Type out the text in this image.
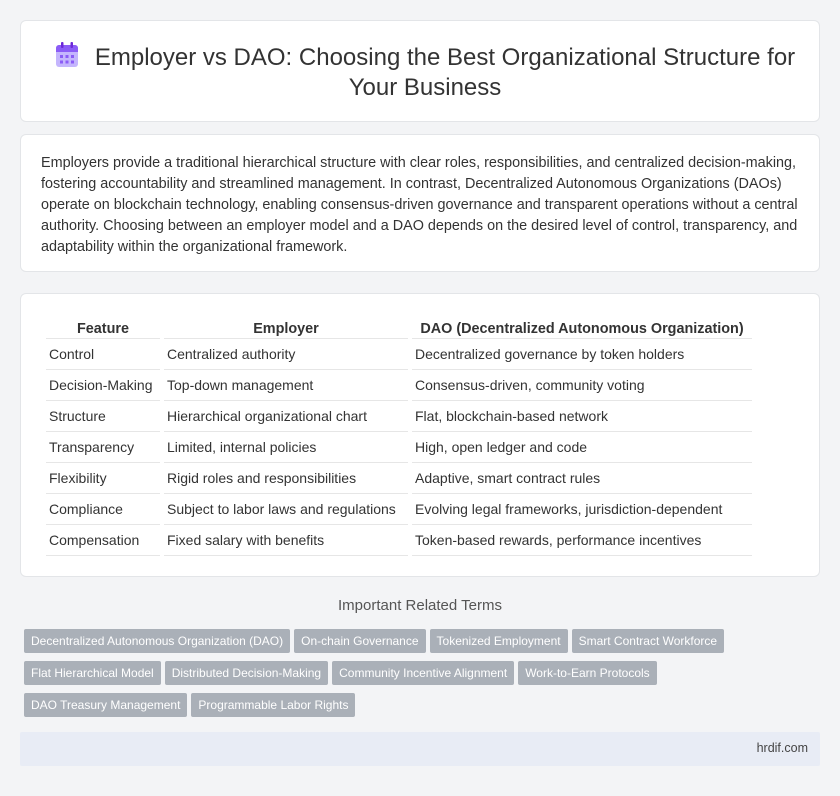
Employer vs DAO: Choosing the Best Organizational Structure for Your Business

Employers provide a traditional hierarchical structure with clear roles, responsibilities, and centralized decision-making, fostering accountability and streamlined management. In contrast, Decentralized Autonomous Organizations (DAOs) operate on blockchain technology, enabling consensus-driven governance and transparent operations without a central authority. Choosing between an employer model and a DAO depends on the desired level of control, transparency, and adaptability within the organizational framework.

Feature	Employer	DAO (Decentralized Autonomous Organization)
Control	Centralized authority	Decentralized governance by token holders
Decision-Making	Top-down management	Consensus-driven, community voting
Structure	Hierarchical organizational chart	Flat, blockchain-based network
Transparency	Limited, internal policies	High, open ledger and code
Flexibility	Rigid roles and responsibilities	Adaptive, smart contract rules
Compliance	Subject to labor laws and regulations	Evolving legal frameworks, jurisdiction-dependent
Compensation	Fixed salary with benefits	Token-based rewards, performance incentives
Important Related Terms
Decentralized Autonomous Organization (DAO) On-chain Governance Tokenized Employment Smart Contract Workforce
Flat Hierarchical Model Distributed Decision-Making Community Incentive Alignment Work-to-Earn Protocols
DAO Treasury Management Programmable Labor Rights
hrdif.com
